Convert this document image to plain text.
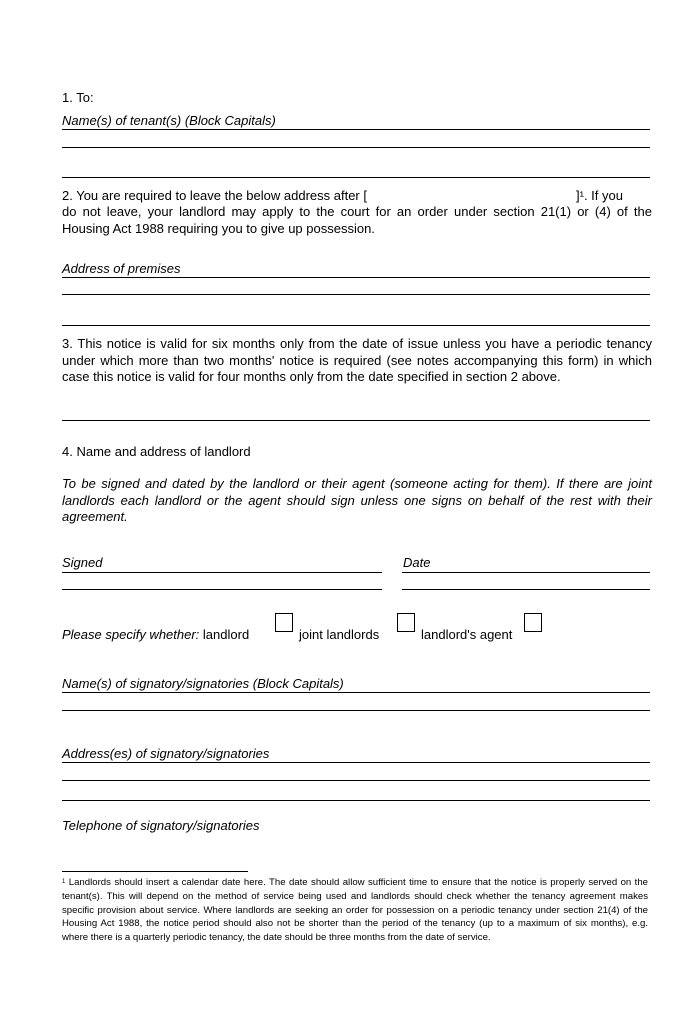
1. To:
Name(s) of tenant(s) (Block Capitals)
2. You are required to leave the below address after [	]¹. If you
do not leave, your landlord may apply to the court for an order under section 21(1) or (4) of the Housing Act 1988 requiring you to give up possession.
Address of premises
3. This notice is valid for six months only from the date of issue unless you have a periodic tenancy under which more than two months' notice is required (see notes accompanying this form) in which case this notice is valid for four months only from the date specified in section 2 above.
4. Name and address of landlord
To be signed and dated by the landlord or their agent (someone acting for them). If there are joint landlords each landlord or the agent should sign unless one signs on behalf of the rest with their agreement.
Signed	Date
Please specify whether: landlord	joint landlords	landlord's agent
Name(s) of signatory/signatories (Block Capitals)
Address(es) of signatory/signatories
Telephone of signatory/signatories
$^1$ Landlords should insert a calendar date here. The date should allow sufficient time to ensure that the notice is properly served on the tenant(s). This will depend on the method of service being used and landlords should check whether the tenancy agreement makes specific provision about service. Where landlords are seeking an order for possession on a periodic tenancy under section 21(4) of the Housing Act 1988, the notice period should also not be shorter than the period of the tenancy (up to a maximum of six months), e.g. where there is a quarterly periodic tenancy, the date should be three months from the date of service.
